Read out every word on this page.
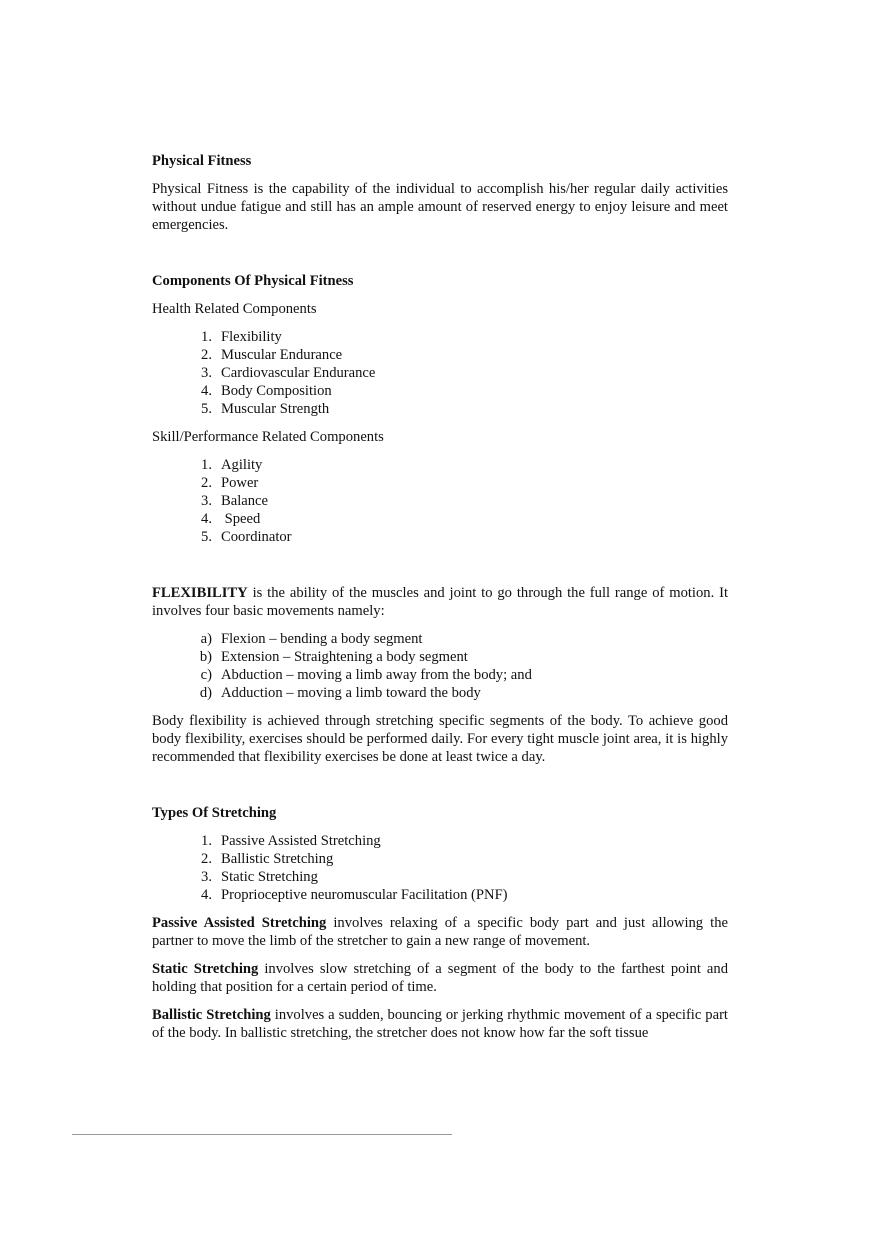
Physical Fitness

Physical Fitness is the capability of the individual to accomplish his/her regular daily activities without undue fatigue and still has an ample amount of reserved energy to enjoy leisure and meet emergencies.

Components Of Physical Fitness

Health Related Components

1. Flexibility
2. Muscular Endurance
3. Cardiovascular Endurance
4. Body Composition
5. Muscular Strength

Skill/Performance Related Components

1. Agility
2. Power
3. Balance
4. Speed
5. Coordinator

FLEXIBILITY is the ability of the muscles and joint to go through the full range of motion. It involves four basic movements namely:

a) Flexion – bending a body segment
b) Extension – Straightening a body segment
c) Abduction – moving a limb away from the body; and
d) Adduction – moving a limb toward the body

Body flexibility is achieved through stretching specific segments of the body. To achieve good body flexibility, exercises should be performed daily. For every tight muscle joint area, it is highly recommended that flexibility exercises be done at least twice a day.

Types Of Stretching
1. Passive Assisted Stretching
2. Ballistic Stretching
3. Static Stretching
4. Proprioceptive neuromuscular Facilitation (PNF)

Passive Assisted Stretching involves relaxing of a specific body part and just allowing the partner to move the limb of the stretcher to gain a new range of movement.

Static Stretching involves slow stretching of a segment of the body to the farthest point and holding that position for a certain period of time.

Ballistic Stretching involves a sudden, bouncing or jerking rhythmic movement of a specific part of the body. In ballistic stretching, the stretcher does not know how far the soft tissue
